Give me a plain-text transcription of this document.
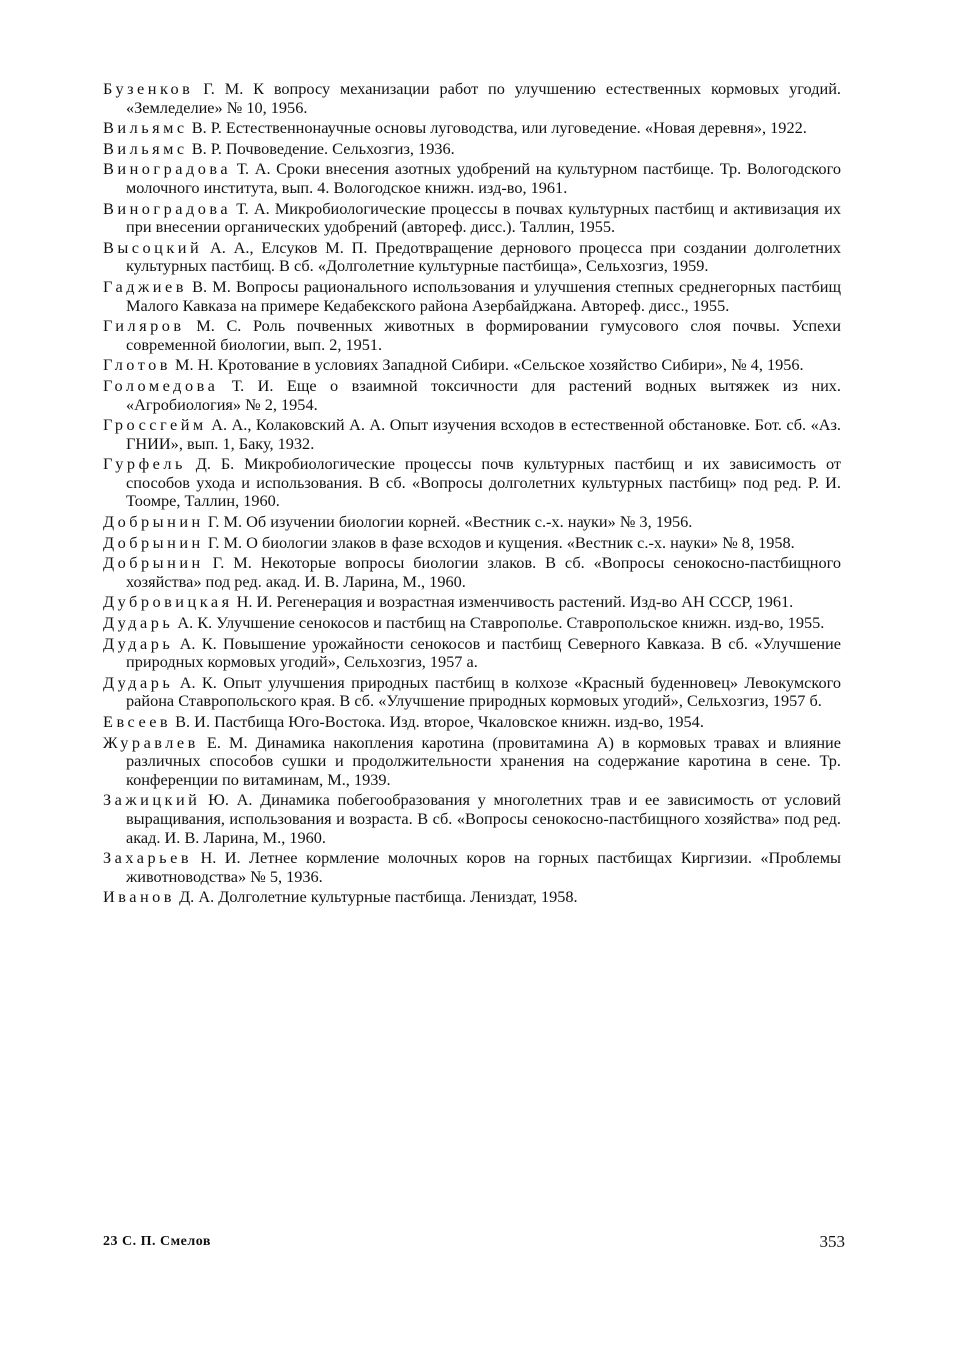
Бузенков Г. М. К вопросу механизации работ по улучшению естественных кормовых угодий. «Земледелие» № 10, 1956.

Вильямс В. Р. Естественнонаучные основы луговодства, или луговедение. «Новая деревня», 1922.

Вильямс В. Р. Почвоведение. Сельхозгиз, 1936.

Виноградова Т. А. Сроки внесения азотных удобрений на культурном пастбище. Тр. Вологодского молочного института, вып. 4. Вологодское книжн. изд-во, 1961.

Виноградова Т. А. Микробиологические процессы в почвах культурных пастбищ и активизация их при внесении органических удобрений (автореф. дисс.). Таллин, 1955.

Высоцкий А. А., Елсуков М. П. Предотвращение дернового процесса при создании долголетних культурных пастбищ. В сб. «Долголетние культурные пастбища», Сельхозгиз, 1959.

Гаджиев В. М. Вопросы рационального использования и улучшения степных среднегорных пастбищ Малого Кавказа на примере Кедабекского района Азербайджана. Автореф. дисс., 1955.

Гиляров М. С. Роль почвенных животных в формировании гумусового слоя почвы. Успехи современной биологии, вып. 2, 1951.

Глотов М. Н. Кротование в условиях Западной Сибири. «Сельское хозяйство Сибири», № 4, 1956.

Голомедова Т. И. Еще о взаимной токсичности для растений водных вытяжек из них. «Агробиология» № 2, 1954.

Гроссгейм А. А., Колаковский А. А. Опыт изучения всходов в естественной обстановке. Бот. сб. «Аз. ГНИИ», вып. 1, Баку, 1932.

Гурфель Д. Б. Микробиологические процессы почв культурных пастбищ и их зависимость от способов ухода и использования. В сб. «Вопросы долголетних культурных пастбищ» под ред. Р. И. Тоомре, Таллин, 1960.

Добрынин Г. М. Об изучении биологии корней. «Вестник с.-х. науки» № 3, 1956.

Добрынин Г. М. О биологии злаков в фазе всходов и кущения. «Вестник с.-х. науки» № 8, 1958.

Добрынин Г. М. Некоторые вопросы биологии злаков. В сб. «Вопросы сенокосно-пастбищного хозяйства» под ред. акад. И. В. Ларина, М., 1960.

Дубровицкая Н. И. Регенерация и возрастная изменчивость растений. Изд-во АН СССР, 1961.

Дударь А. К. Улучшение сенокосов и пастбищ на Ставрополье. Ставропольское книжн. изд-во, 1955.

Дударь А. К. Повышение урожайности сенокосов и пастбищ Северного Кавказа. В сб. «Улучшение природных кормовых угодий», Сельхозгиз, 1957 а.

Дударь А. К. Опыт улучшения природных пастбищ в колхозе «Красный буденновец» Левокумского района Ставропольского края. В сб. «Улучшение природных кормовых угодий», Сельхозгиз, 1957 б.

Евсеев В. И. Пастбища Юго-Востока. Изд. второе, Чкаловское книжн. изд-во, 1954.

Журавлев Е. М. Динамика накопления каротина (провитамина А) в кормовых травах и влияние различных способов сушки и продолжительности хранения на содержание каротина в сене. Тр. конференции по витаминам, М., 1939.

Зажицкий Ю. А. Динамика побегообразования у многолетних трав и ее зависимость от условий выращивания, использования и возраста. В сб. «Вопросы сенокосно-пастбищного хозяйства» под ред. акад. И. В. Ларина, М., 1960.

Захарьев Н. И. Летнее кормление молочных коров на горных пастбищах Киргизии. «Проблемы животноводства» № 5, 1936.

Иванов Д. А. Долголетние культурные пастбища. Лениздат, 1958.

23 С. П. Смелов	353
